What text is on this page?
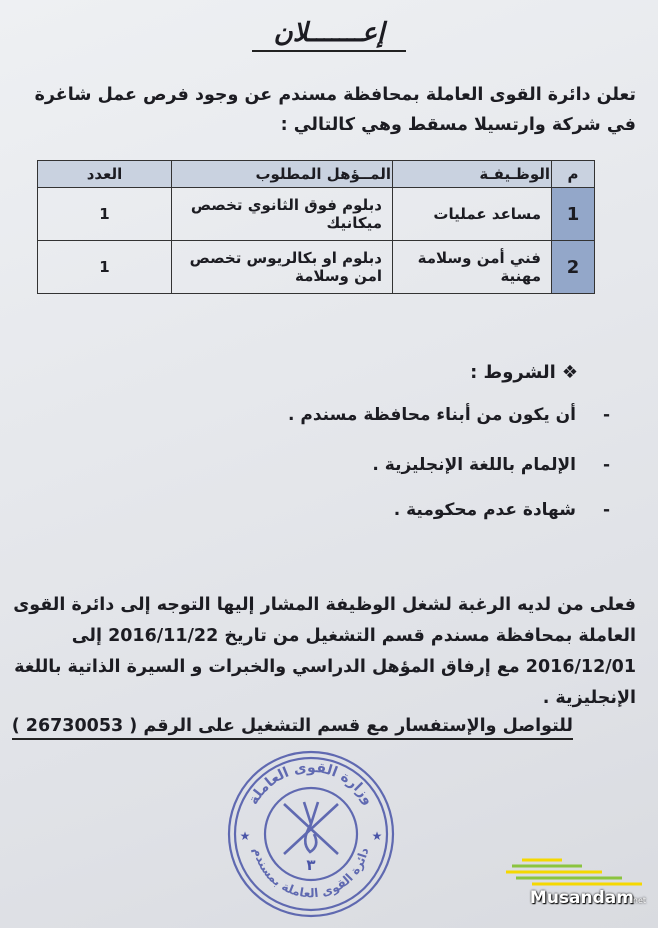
إعـــــــلان
تعلن دائرة القوى العاملة بمحافظة مسندم عن وجود فرص عمل شاغرة في شركة وارتسيلا مسقط وهي كالتالي :
م	الوظـيفـة	المــؤهل المطلوب	العدد
1	مساعد عمليات	دبلوم فوق الثانوي تخصص ميكانيك	1
2	فني أمن وسلامة مهنية	دبلوم او بكالريوس تخصص امن وسلامة	1
❖الشروط :
-أن يكون من أبناء محافظة مسندم .
-الإلمام باللغة الإنجليزية .
-شهادة عدم محكومية .
فعلى من لديه الرغبة لشغل الوظيفة المشار إليها التوجه إلى دائرة القوى العاملة بمحافظة مسندم قسم التشغيل من تاريخ 2016/11/22 إلى 2016/12/01 مع إرفاق المؤهل الدراسي والخبرات و السيرة الذاتية باللغة الإنجليزية .
للتواصل والإستفسار مع قسم التشغيل على الرقم ( 26730053 )
وزارة القوى العاملة
دائرة القوى العاملة بمسندم
٣
★	★
Musandam
.net
